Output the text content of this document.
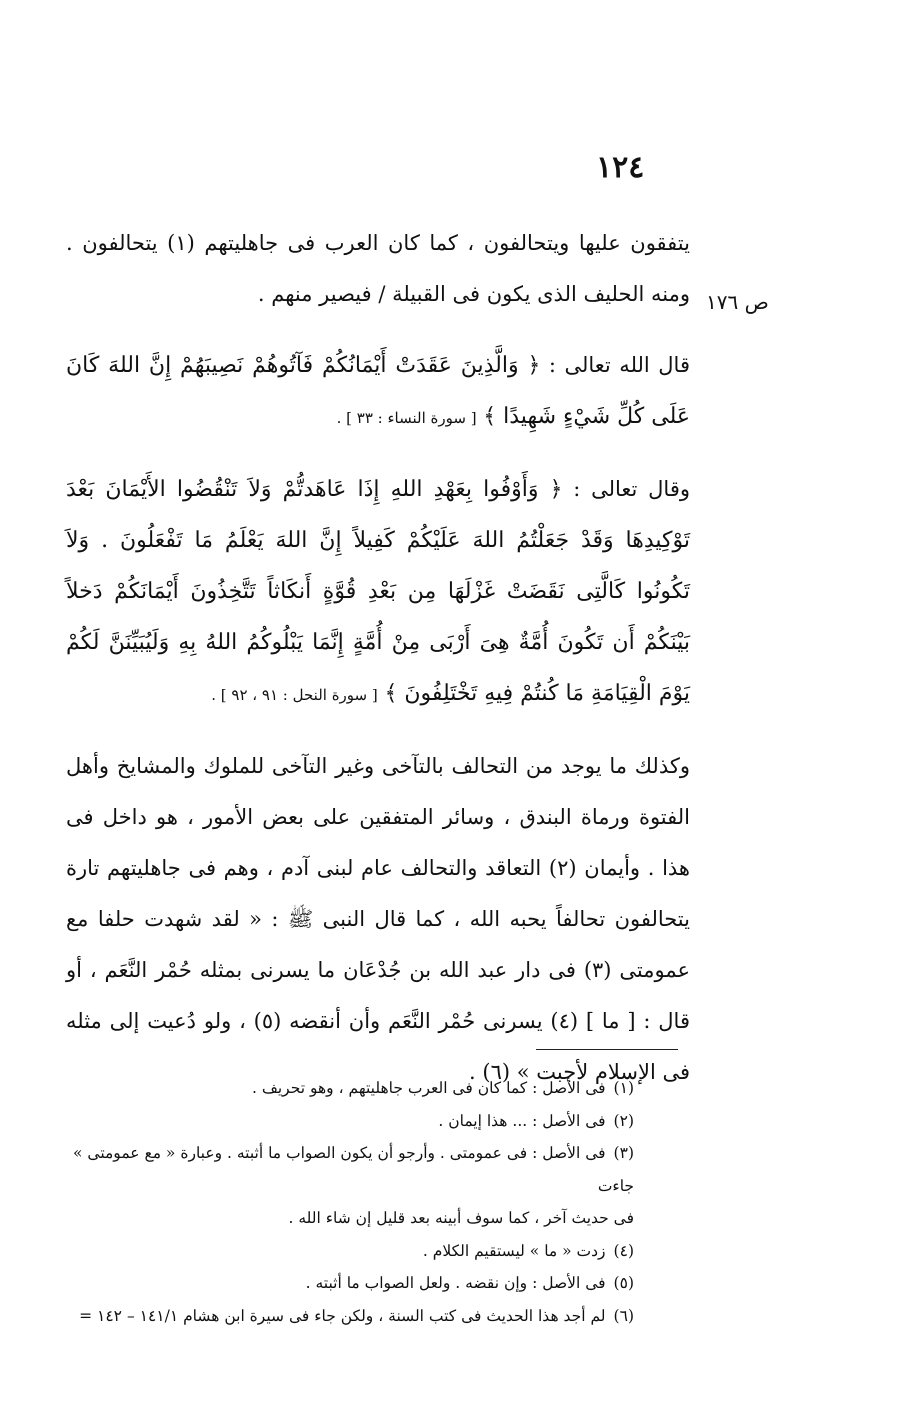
١٢٤
ص ١٧٦

يتفقون عليها ويتحالفون ، كما كان العرب فى جاهليتهم (١) يتحالفون . ومنه الحليف الذى يكون فى القبيلة / فيصير منهم .

قال الله تعالى : ﴿ وَالَّذِينَ عَقَدَتْ أَيْمَانُكُمْ فَآتُوهُمْ نَصِيبَهُمْ إِنَّ اللهَ كَانَ عَلَى كُلِّ شَيْءٍ شَهِيدًا ﴾ [ سورة النساء : ٣٣ ] .

وقال تعالى : ﴿ وَأَوْفُوا بِعَهْدِ اللهِ إِذَا عَاهَدتُّمْ وَلاَ تَنْقُضُوا الأَيْمَانَ بَعْدَ تَوْكِيدِهَا وَقَدْ جَعَلْتُمُ اللهَ عَلَيْكُمْ كَفِيلاً إِنَّ اللهَ يَعْلَمُ مَا تَفْعَلُونَ . وَلاَ تَكُونُوا كَالَّتِى نَقَضَتْ غَزْلَهَا مِن بَعْدِ قُوَّةٍ أَنكَاثاً تَتَّخِذُونَ أَيْمَانَكُمْ دَخلاً بَيْنَكُمْ أَن تَكُونَ أُمَّةٌ هِىَ أَرْبَى مِنْ أُمَّةٍ إِنَّمَا يَبْلُوكُمُ اللهُ بِهِ وَلَيُبَيِّنَنَّ لَكُمْ يَوْمَ الْقِيَامَةِ مَا كُنتُمْ فِيهِ تَخْتَلِفُونَ ﴾ [ سورة النحل : ٩١ ، ٩٢ ] .

وكذلك ما يوجد من التحالف بالتآخى وغير التآخى للملوك والمشايخ وأهل الفتوة ورماة البندق ، وسائر المتفقين على بعض الأمور ، هو داخل فى هذا . وأيمان (٢) التعاقد والتحالف عام لبنى آدم ، وهم فى جاهليتهم تارة يتحالفون تحالفاً يحبه الله ، كما قال النبى ﷺ : « لقد شهدت حلفا مع عمومتى (٣) فى دار عبد الله بن جُدْعَان ما يسرنى بمثله حُمْر النَّعَم ، أو قال : [ ما ] (٤) يسرنى حُمْر النَّعَم وأن أنقضه (٥) ، ولو دُعيت إلى مثله فى الإسلام لأجبت » (٦) .

(١)فى الأصل : كما كان فى العرب جاهليتهم ، وهو تحريف .

(٢)فى الأصل : ... هذا إيمان .

(٣)فى الأصل : فى عمومتى . وأرجو أن يكون الصواب ما أثبته . وعبارة « مع عمومتى » جاءت

فى حديث آخر ، كما سوف أبينه بعد قليل إن شاء الله .

(٤)زدت « ما » ليستقيم الكلام .

(٥)فى الأصل : وإن نقضه . ولعل الصواب ما أثبته .

(٦)لم أجد هذا الحديث فى كتب السنة ، ولكن جاء فى سيرة ابن هشام ١٤١/١ – ١٤٢ =
